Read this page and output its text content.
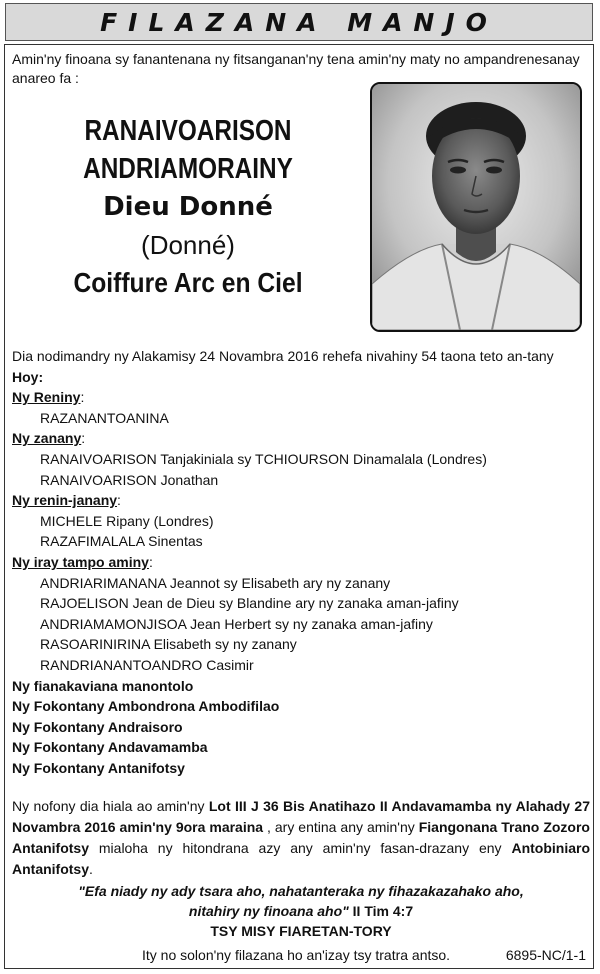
FILAZANA MANJO
Amin'ny finoana sy fanantenana ny fitsanganan'ny tena amin'ny maty no ampandrenesanay anareo fa :
RANAIVOARISON
ANDRIAMORAINY
Dieu Donné
(Donné)
Coiffure Arc en Ciel
Dia nodimandry ny Alakamisy 24 Novambra 2016 rehefa nivahiny 54 taona teto an-tany
Hoy:
Ny Reniny:
RAZANANTOANINA
Ny zanany:
RANAIVOARISON Tanjakiniala sy TCHIOURSON Dinamalala (Londres)
RANAIVOARISON Jonathan
Ny renin-janany:
MICHELE Ripany (Londres)
RAZAFIMALALA Sinentas
Ny iray tampo aminy:
ANDRIARIMANANA Jeannot sy Elisabeth ary ny zanany
RAJOELISON Jean de Dieu sy Blandine ary ny zanaka aman-jafiny
ANDRIAMAMONJISOA Jean Herbert sy ny zanaka aman-jafiny
RASOARINIRINA Elisabeth sy ny zanany
RANDRIANANTOANDRO Casimir
Ny fianakaviana manontolo
Ny Fokontany Ambondrona Ambodifilao
Ny Fokontany Andraisoro
Ny Fokontany Andavamamba
Ny Fokontany Antanifotsy
Ny nofony dia hiala ao amin'ny Lot III J 36 Bis Anatihazo II Andavamamba ny Alahady 27 Novambra 2016 amin'ny 9ora maraina , ary entina any amin'ny Fiangonana Trano Zozoro Antanifotsy mialoha ny hitondrana azy any amin'ny fasan-drazany eny Antobiniaro Antanifotsy.
"Efa niady ny ady tsara aho, nahatanteraka ny fihazakazahako aho,
nitahiry ny finoana aho" II Tim 4:7
TSY MISY FIARETAN-TORY
Ity no solon'ny filazana ho an'izay tsy tratra antso.	6895-NC/1-1
